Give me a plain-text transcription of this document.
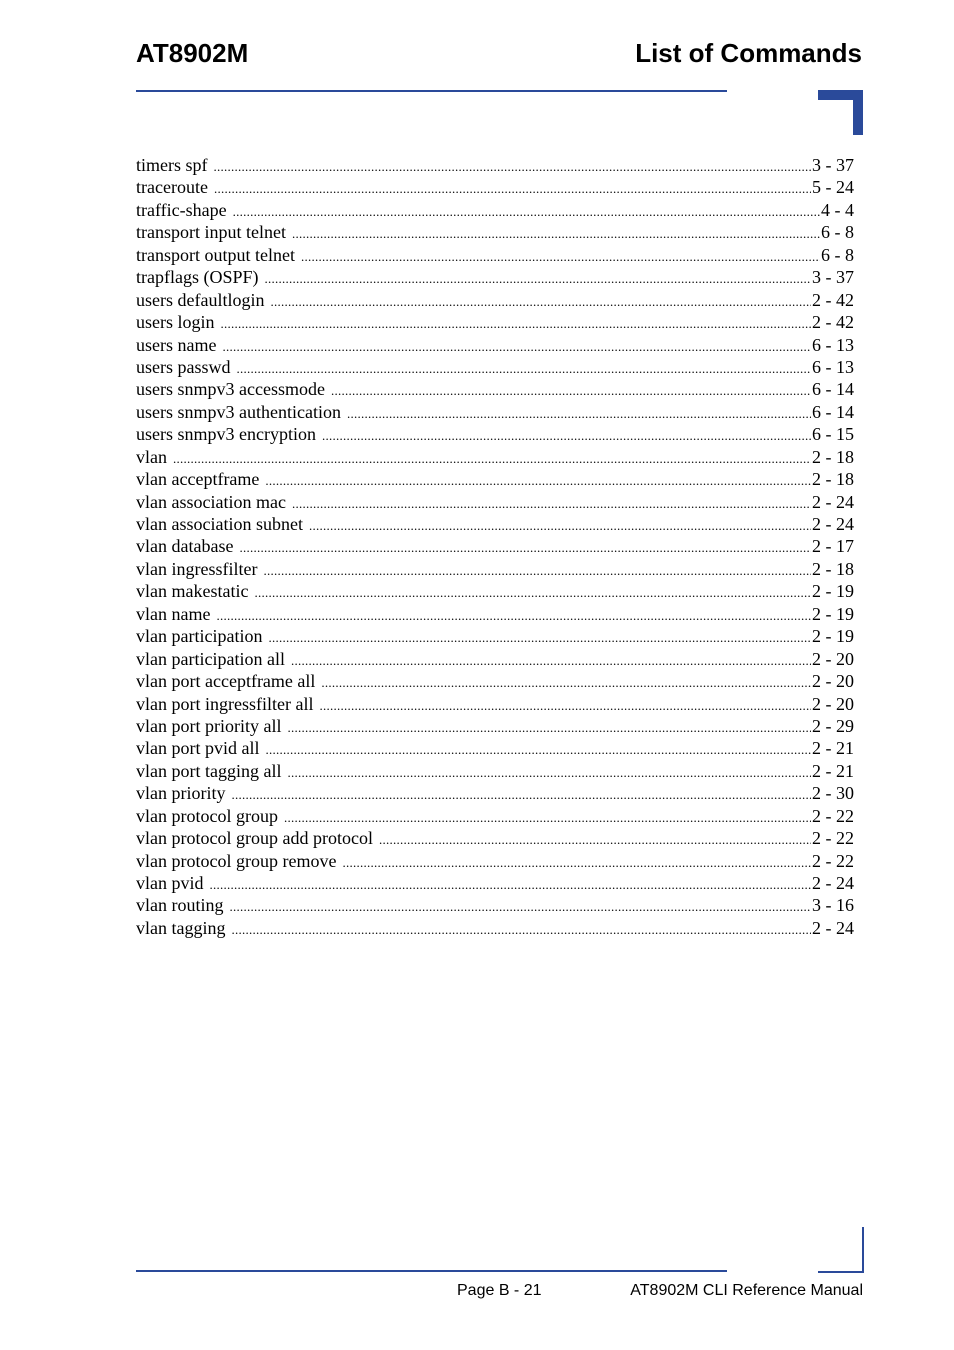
AT8902M	List of Commands
timers spf . . .	3 - 37
traceroute . . .	5 - 24
traffic-shape . . .	4 - 4
transport input telnet . . .	6 - 8
transport output telnet . . .	6 - 8
trapflags (OSPF) . . .	3 - 37
users defaultlogin . . .	2 - 42
users login . . .	2 - 42
users name . . .	6 - 13
users passwd . . .	6 - 13
users snmpv3 accessmode . . .	6 - 14
users snmpv3 authentication . . .	6 - 14
users snmpv3 encryption . . .	6 - 15
vlan . . .	2 - 18
vlan acceptframe . . .	2 - 18
vlan association mac . . .	2 - 24
vlan association subnet . . .	2 - 24
vlan database . . .	2 - 17
vlan ingressfilter . . .	2 - 18
vlan makestatic . . .	2 - 19
vlan name . . .	2 - 19
vlan participation . . .	2 - 19
vlan participation all . . .	2 - 20
vlan port acceptframe all . . .	2 - 20
vlan port ingressfilter all . . .	2 - 20
vlan port priority all . . .	2 - 29
vlan port pvid all . . .	2 - 21
vlan port tagging all . . .	2 - 21
vlan priority . . .	2 - 30
vlan protocol group . . .	2 - 22
vlan protocol group add protocol . . .	2 - 22
vlan protocol group remove . . .	2 - 22
vlan pvid . . .	2 - 24
vlan routing . . .	3 - 16
vlan tagging . . .	2 - 24
Page B - 21	AT8902M CLI Reference Manual
